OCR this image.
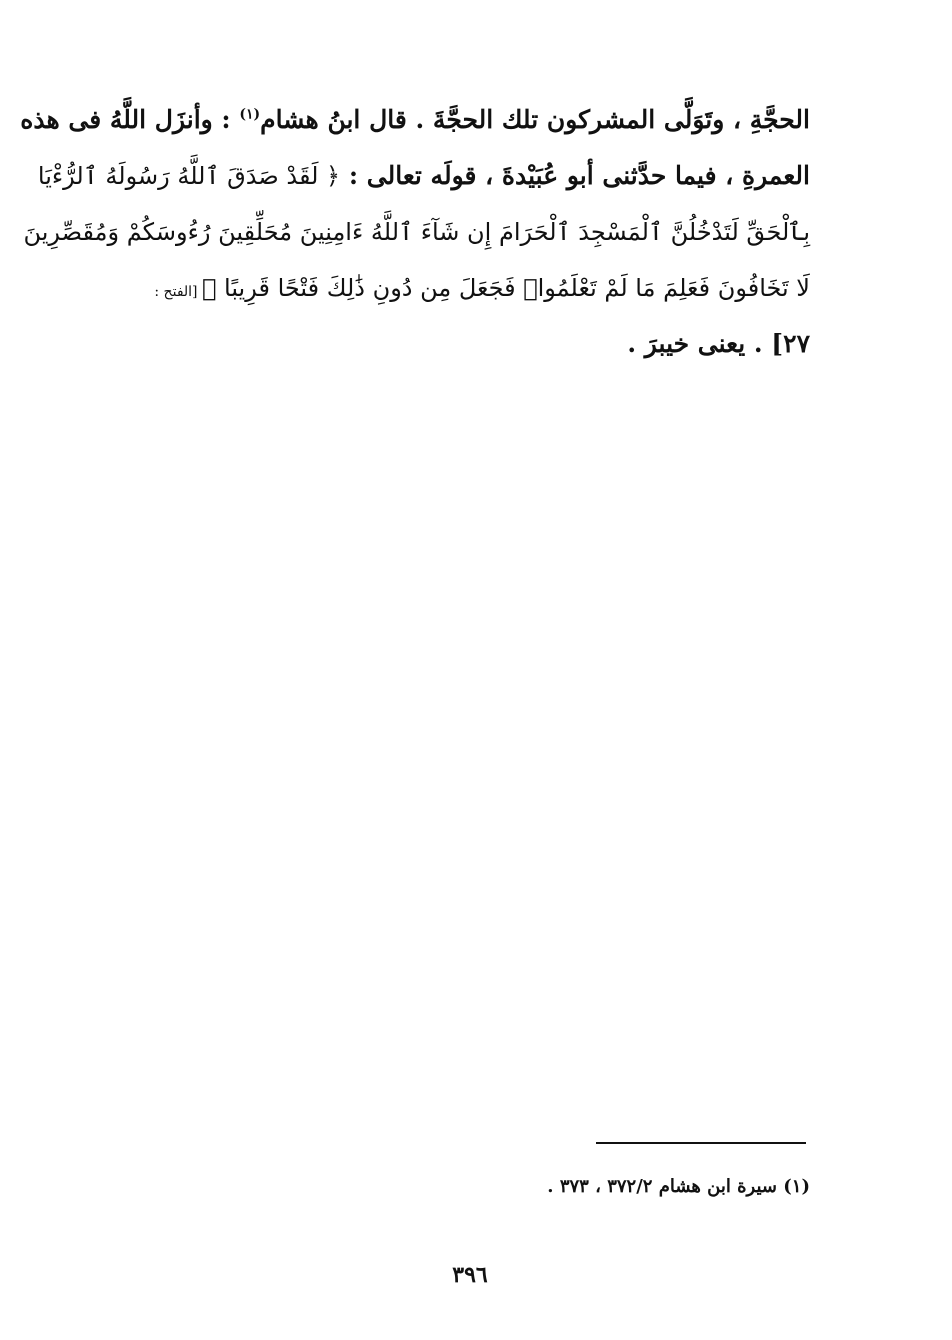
الحجَّةِ ، وتَوَلَّى المشركون تلك الحجَّةَ . قال ابنُ هشام$^{(١)}$ : وأنزَل اللَّهُ فى هذه
العمرةِ ، فيما حدَّثنى أبو عُبَيْدةَ ، قولَه تعالى : ﴿ لَقَدْ صَدَقَ ٱللَّهُ رَسُولَهُ ٱلرُّءْيَا
بِٱلْحَقِّ لَتَدْخُلُنَّ ٱلْمَسْجِدَ ٱلْحَرَامَ إِن شَآءَ ٱللَّهُ ءَامِنِينَ مُحَلِّقِينَ رُءُوسَكُمْ وَمُقَصِّرِينَ
لَا تَخَافُونَ فَعَلِمَ مَا لَمْ تَعْلَمُوا۟ فَجَعَلَ مِن دُونِ ذَٰلِكَ فَتْحًا قَرِيبًا ﴾ [الفتح :
٢٧] . يعنى خيبرَ .
(١) سيرة ابن هشام ٣٧٢/٢ ، ٣٧٣ .
٣٩٦
